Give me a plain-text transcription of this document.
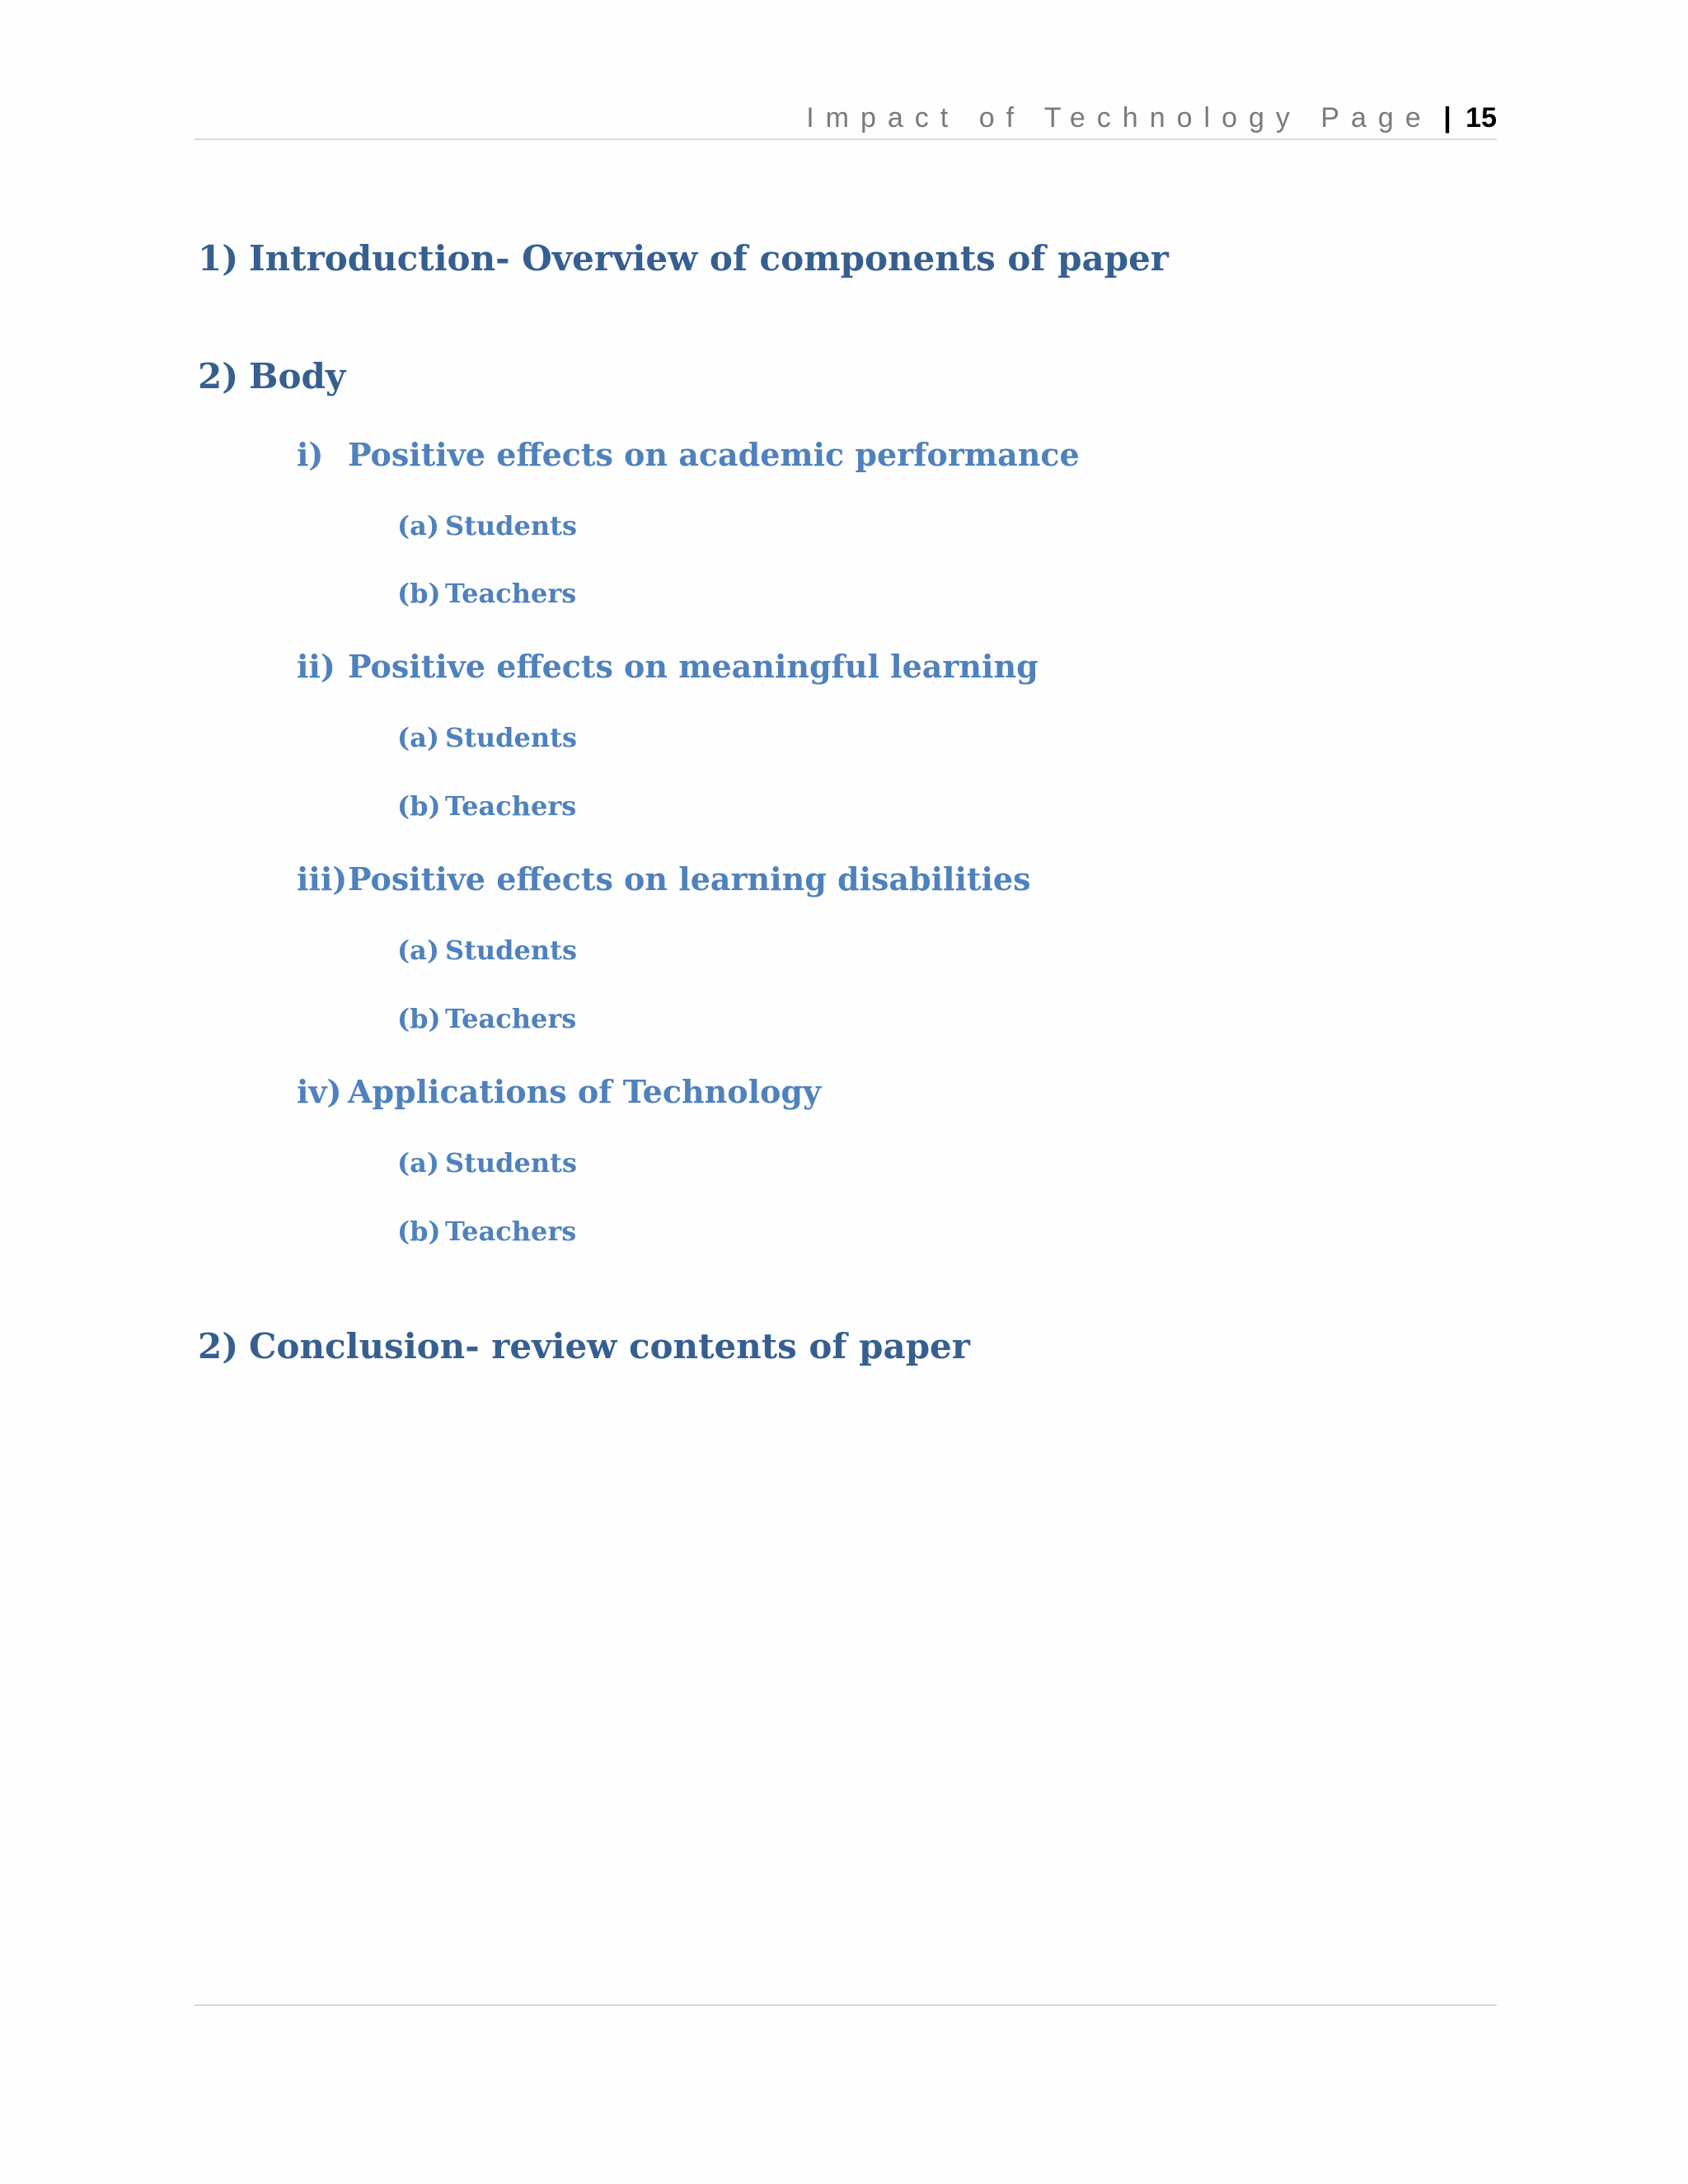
Impact of Technology Page | 15
1) Introduction- Overview of components of paper
2) Body
i) Positive effects on academic performance
(a) Students
(b) Teachers
ii) Positive effects on meaningful learning
(a) Students
(b) Teachers
iii) Positive effects on learning disabilities
(a) Students
(b) Teachers
iv) Applications of Technology
(a) Students
(b) Teachers
2) Conclusion- review contents of paper
